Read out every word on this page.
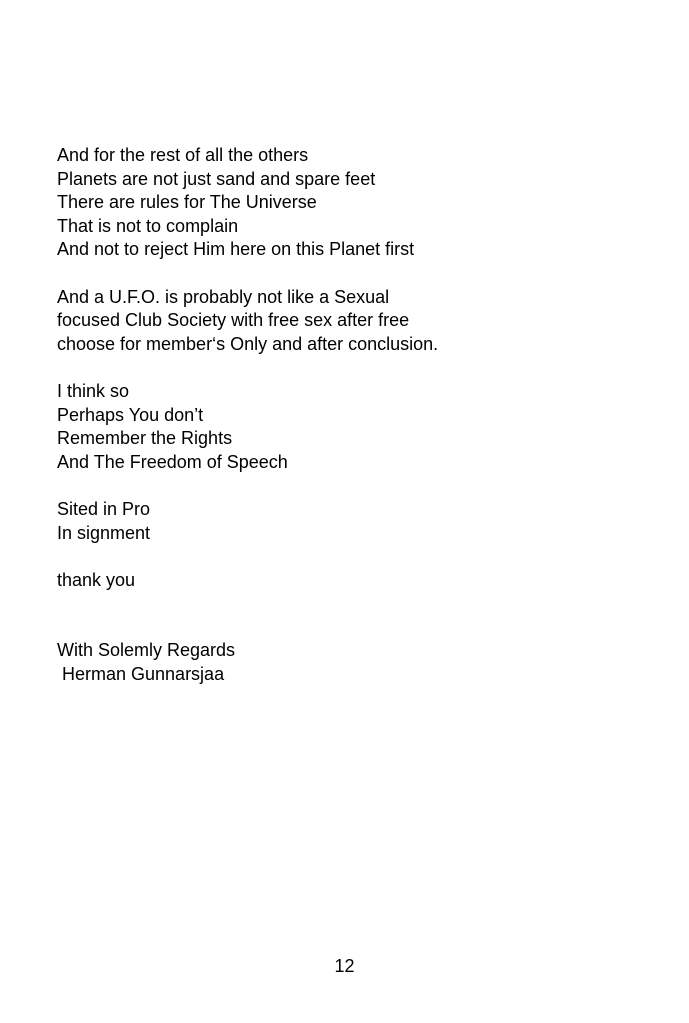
And for the rest of all the others
Planets are not just sand and spare feet
There are rules for The Universe
That is not to complain
And not to reject Him here on this Planet first
And a U.F.O. is probably not like a Sexual
focused Club Society with free sex after free
choose for member‘s Only and after conclusion.
I think so
Perhaps You don’t
Remember the Rights
And The Freedom of Speech
Sited in Pro
In signment
thank you
With Solemly Regards
Herman Gunnarsjaa
12
